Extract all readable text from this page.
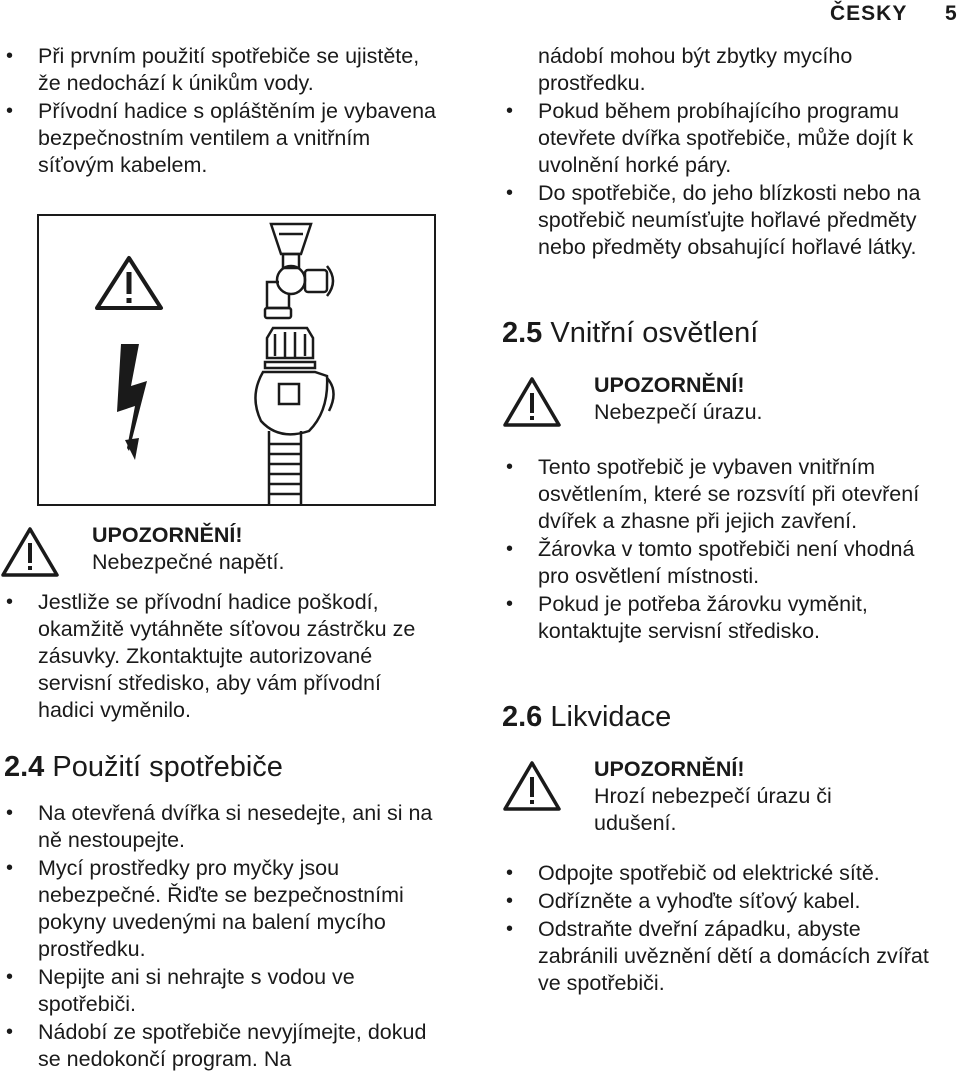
ČESKY 5
• Při prvním použití spotřebiče se ujistěte, že nedochází k únikům vody.
• Přívodní hadice s opláštěním je vybavena bezpečnostním ventilem a vnitřním síťovým kabelem.
UPOZORNĚNÍ!
Nebezpečné napětí.
• Jestliže se přívodní hadice poškodí, okamžitě vytáhněte síťovou zástrčku ze zásuvky. Zkontaktujte autorizované servisní středisko, aby vám přívodní hadici vyměnilo.
2.4 Použití spotřebiče
• Na otevřená dvířka si nesedejte, ani si na ně nestoupejte.
• Mycí prostředky pro myčky jsou nebezpečné. Řiďte se bezpečnostními pokyny uvedenými na balení mycího prostředku.
• Nepijte ani si nehrajte s vodou ve spotřebiči.
• Nádobí ze spotřebiče nevyjímejte, dokud se nedokončí program. Na
nádobí mohou být zbytky mycího prostředku.
• Pokud během probíhajícího programu otevřete dvířka spotřebiče, může dojít k uvolnění horké páry.
• Do spotřebiče, do jeho blízkosti nebo na spotřebič neumísťujte hořlavé předměty nebo předměty obsahující hořlavé látky.
2.5 Vnitřní osvětlení
UPOZORNĚNÍ!
Nebezpečí úrazu.
• Tento spotřebič je vybaven vnitřním osvětlením, které se rozsvítí při otevření dvířek a zhasne při jejich zavření.
• Žárovka v tomto spotřebiči není vhodná pro osvětlení místnosti.
• Pokud je potřeba žárovku vyměnit, kontaktujte servisní středisko.
2.6 Likvidace
UPOZORNĚNÍ!
Hrozí nebezpečí úrazu či udušení.
• Odpojte spotřebič od elektrické sítě.
• Odřízněte a vyhoďte síťový kabel.
• Odstraňte dveřní západku, abyste zabránili uvěznění dětí a domácích zvířat ve spotřebiči.
